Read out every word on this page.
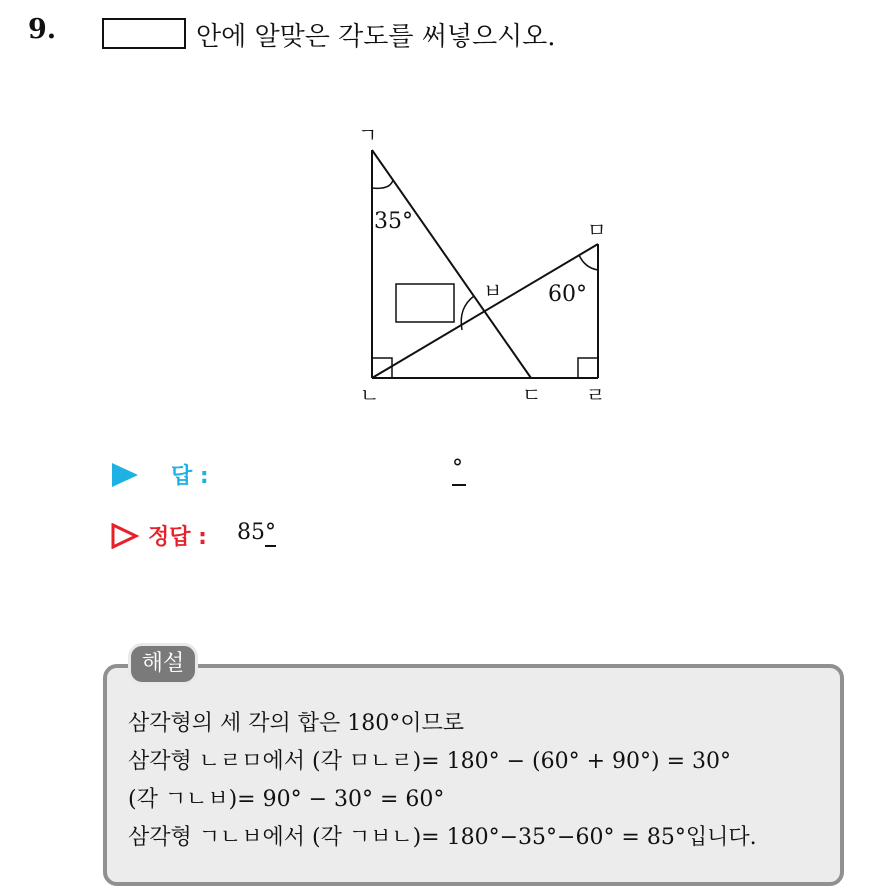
9.	안에 알맞은 각도를 써넣으시오.
ㄱ
ㅁ
ㅂ
ㄴ	ㄷ ㄹ
35°
60°
답 :	°
정답 : 85°
해설
삼각형의 세 각의 합은 180°이므로
삼각형 ㄴㄹㅁ에서 (각 ㅁㄴㄹ)= 180° − (60° + 90°) = 30°
(각 ㄱㄴㅂ)= 90° − 30° = 60°
삼각형 ㄱㄴㅂ에서 (각 ㄱㅂㄴ)= 180°−35°−60° = 85°입니다.
